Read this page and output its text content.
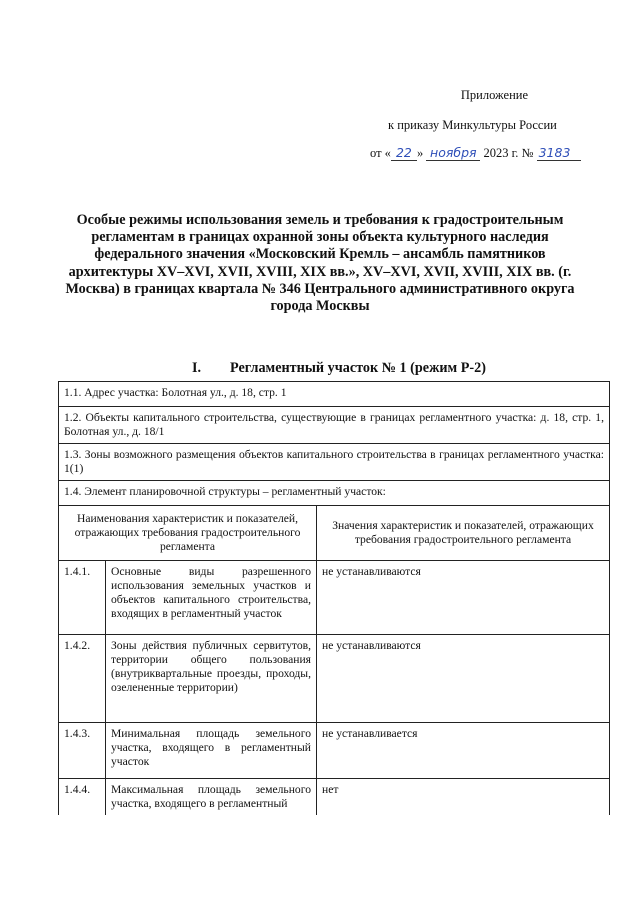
Приложение
к приказу Минкультуры России
от « 22 » ноября 2023 г. № 3183
Особые режимы использования земель и требования к градостроительным регламентам в границах охранной зоны объекта культурного наследия федерального значения «Московский Кремль – ансамбль памятников архитектуры XV–XVI, XVII, XVIII, XIX вв.», XV–XVI, XVII, XVIII, XIX вв. (г. Москва) в границах квартала № 346 Центрального административного округа города Москвы
I. Регламентный участок № 1 (режим Р-2)
1.1. Адрес участка: Болотная ул., д. 18, стр. 1		
1.2. Объекты капитального строительства, существующие в границах регламентного участка: д. 18, стр. 1, Болотная ул., д. 18/1		
1.3. Зоны возможного размещения объектов капитального строительства в границах регламентного участка: 1(1)		
1.4. Элемент планировочной структуры – регламентный участок:		
Наименования характеристик и показателей, отражающих требования градостроительного регламента		Значения характеристик и показателей, отражающих требования градостроительного регламента
1.4.1.	Основные виды разрешенного использования земельных участков и объектов капитального строительства, входящих в регламентный участок	не устанавливаются
1.4.2.	Зоны действия публичных сервитутов, территории общего пользования (внутриквартальные проезды, проходы, озелененные территории)	не устанавливаются
1.4.3.	Минимальная площадь земельного участка, входящего в регламентный участок	не устанавливается
1.4.4.	Максимальная площадь земельного участка, входящего в регламентный	нет
